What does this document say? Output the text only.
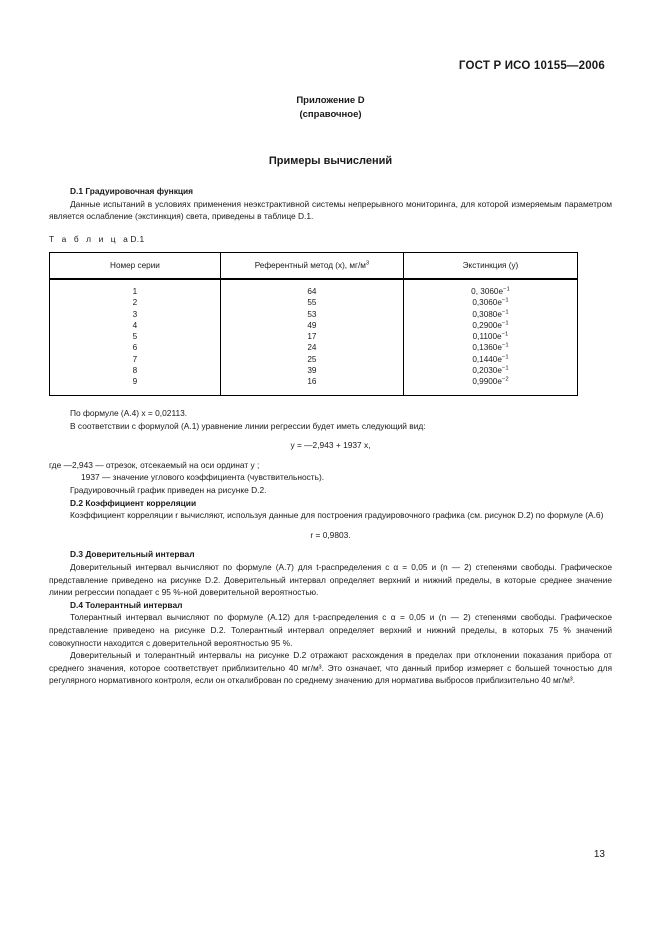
ГОСТ Р ИСО 10155—2006
Приложение D
(справочное)
Примеры вычислений

D.1 Градуировочная функция

Данные испытаний в условиях применения неэкстрактивной системы непрерывного мониторинга, для которой измеряемым параметром является ослабление (экстинкция) света, приведены в таблице D.1.

Т а б л и ц аD.1
Номер серии	Референтный метод (x), $мг/м^3$	Экстинкция (y)
1	64	0, $3060e^{-1}$
2	55	$0,3060e^{-1}$
3	53	$0,3080e^{-1}$
4	49	$0,2900e^{-1}$
5	17	$0,1100e^{-1}$
6	24	$0,1360e^{-1}$
7	25	$0,1440e^{-1}$
8	39	$0,2030e^{-1}$
9	16	$0,9900e^{-2}$

По формуле (A.4) x = 0,02113.

В соответствии с формулой (A.1) уравнение линии регрессии будет иметь следующий вид:

y = —2,943 + 1937 x,

где —2,943 — отрезок, отсекаемый на оси ординат y ;

1937 — значение углового коэффициента (чувствительность).

Градуировочный график приведен на рисунке D.2.

D.2 Коэффициент корреляции

Коэффициент корреляции r вычисляют, используя данные для построения градуировочного графика (см. рисунок D.2) по формуле (A.6)

r = 0,9803.

D.3 Доверительный интервал

Доверительный интервал вычисляют по формуле (A.7) для t-распределения с α = 0,05 и (n — 2) степенями свободы. Графическое представление приведено на рисунке D.2. Доверительный интервал определяет верхний и нижний пределы, в которые среднее значение линии регрессии попадает с 95 %-ной доверительной вероятностью.

D.4 Толерантный интервал

Толерантный интервал вычисляют по формуле (A.12) для t-распределения с α = 0,05 и (n — 2) степенями свободы. Графическое представление приведено на рисунке D.2. Толерантный интервал определяет верхний и нижний пределы, в которых 75 % значений совокупности находится с доверительной вероятностью 95 %.

Доверительный и толерантный интервалы на рисунке D.2 отражают расхождения в пределах при отклонении показания прибора от среднего значения, которое соответствует приблизительно 40 мг/м³. Это означает, что данный прибор измеряет с большей точностью для регулярного нормативного контроля, если он откалиброван по среднему значению для норматива выбросов приблизительно 40 мг/м³.

13
